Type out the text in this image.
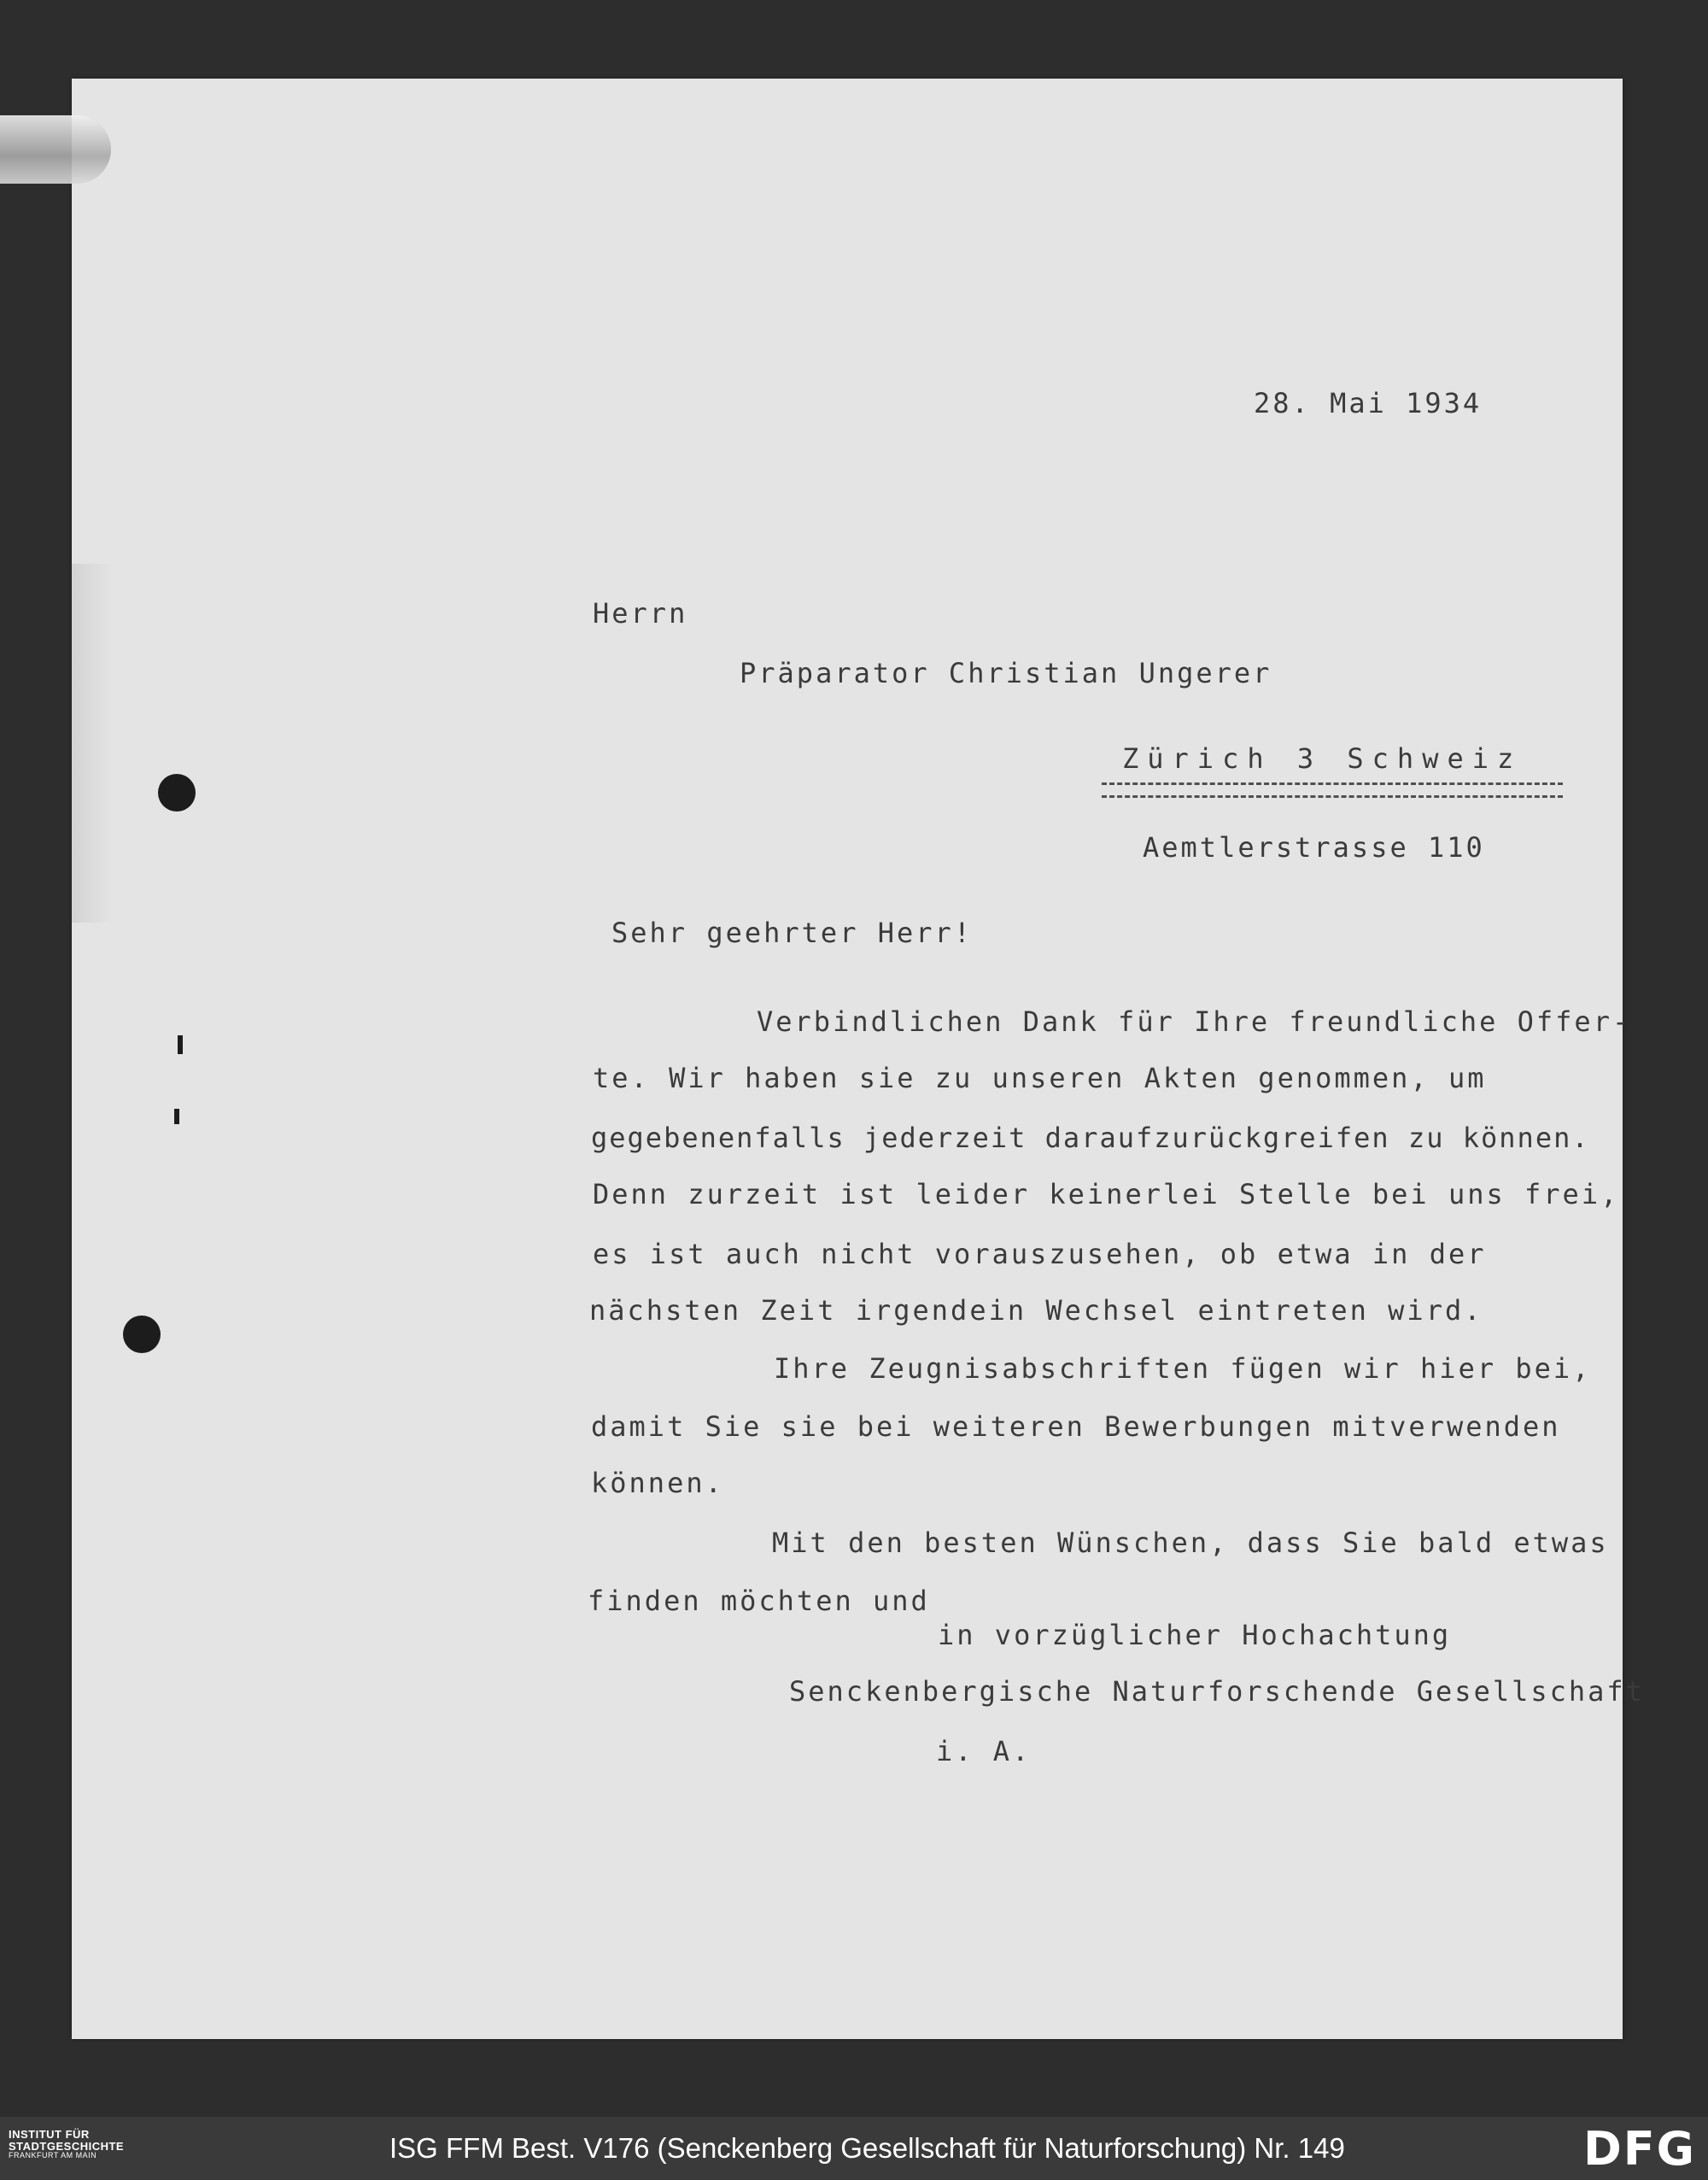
28. Mai 1934
Herrn
Präparator Christian Ungerer
Zürich 3 Schweiz
Aemtlerstrasse 110
Sehr geehrter Herr!
Verbindlichen Dank für Ihre freundliche Offer-
te. Wir haben sie zu unseren Akten genommen, um
gegebenenfalls jederzeit daraufzurückgreifen zu können.
Denn zurzeit ist leider keinerlei Stelle bei uns frei,
es ist auch nicht vorauszusehen, ob etwa in der
nächsten Zeit irgendein Wechsel eintreten wird.
Ihre Zeugnisabschriften fügen wir hier bei,
damit Sie sie bei weiteren Bewerbungen mitverwenden
können.
Mit den besten Wünschen, dass Sie bald etwas
finden möchten und
in vorzüglicher Hochachtung
Senckenbergische Naturforschende Gesellschaft
i. A.
INSTITUT FÜR
STADTGESCHICHTE
FRANKFURT AM MAIN	ISG FFM Best. V176 (Senckenberg Gesellschaft für Naturforschung) Nr. 149	DFG
